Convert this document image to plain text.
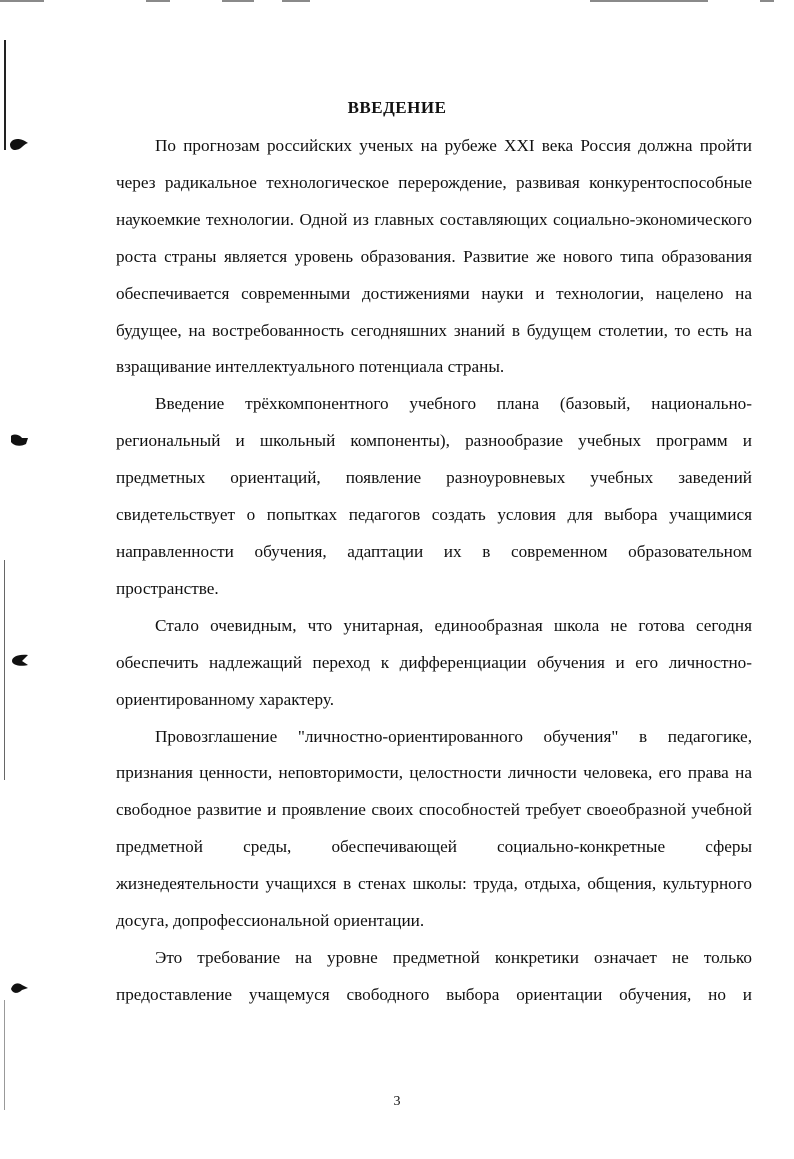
ВВЕДЕНИЕ

По прогнозам российских ученых на рубеже XXI века Россия должна пройти через радикальное технологическое перерождение, развивая конкурентоспособные наукоемкие технологии. Одной из главных составляющих социально-экономического роста страны является уровень образования. Развитие же нового типа образования обеспечивается современными достижениями науки и технологии, нацелено на будущее, на востребованность сегодняшних знаний в будущем столетии, то есть на взращивание интеллектуального потенциала страны.

Введение трёхкомпонентного учебного плана (базовый, национально-региональный и школьный компоненты), разнообразие учебных программ и предметных ориентаций, появление разноуровневых учебных заведений свидетельствует о попытках педагогов создать условия для выбора учащимися направленности обучения, адаптации их в современном образовательном пространстве.

Стало очевидным, что унитарная, единообразная школа не готова сегодня обеспечить надлежащий переход к дифференциации обучения и его личностно-ориентированному характеру.

Провозглашение "личностно-ориентированного обучения" в педагогике, признания ценности, неповторимости, целостности личности человека, его права на свободное развитие и проявление своих способностей требует своеобразной учебной предметной среды, обеспечивающей социально-конкретные сферы жизнедеятельности учащихся в стенах школы: труда, отдыха, общения, культурного досуга, допрофессиональной ориентации.

Это требование на уровне предметной конкретики означает не только предоставление учащемуся свободного выбора ориентации обучения, но и

3
